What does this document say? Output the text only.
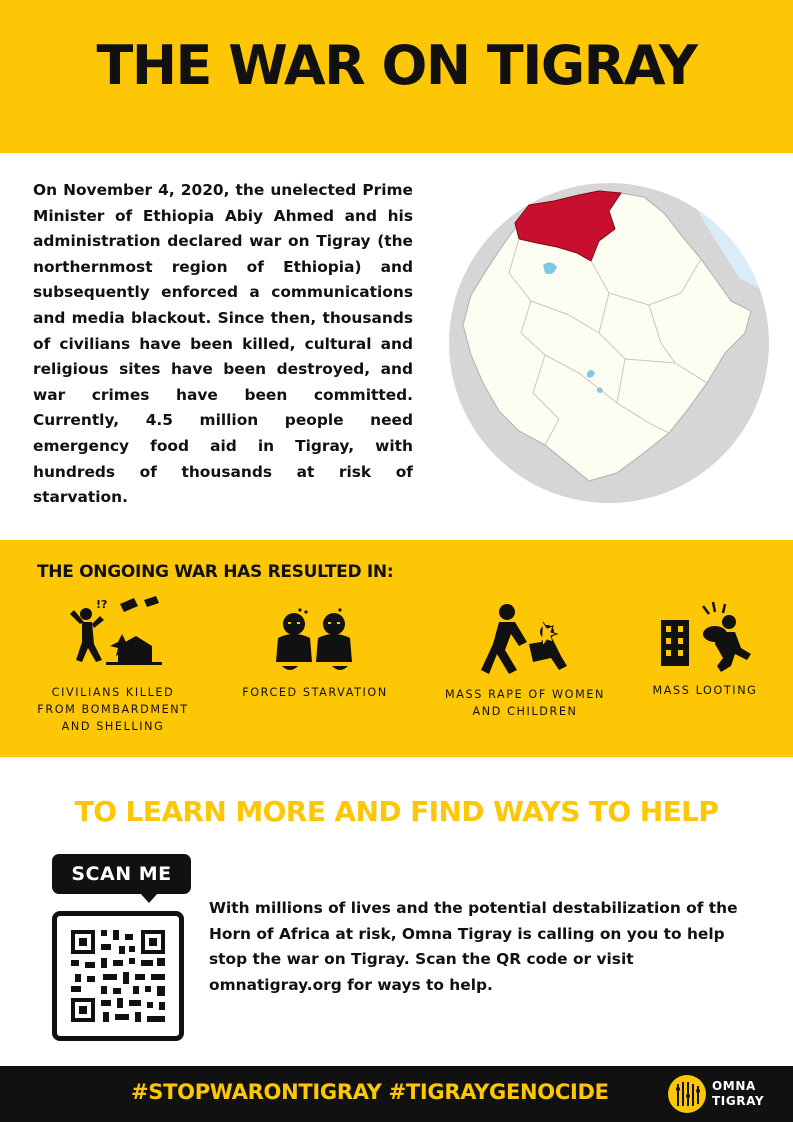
THE WAR ON TIGRAY

On November 4, 2020, the unelected Prime Minister of Ethiopia Abiy Ahmed and his administration declared war on Tigray (the northernmost region of Ethiopia) and subsequently enforced a communications and media blackout. Since then, thousands of civilians have been killed, cultural and religious sites have been destroyed, and war crimes have been committed. Currently, 4.5 million people need emergency food aid in Tigray, with hundreds of thousands at risk of starvation.

THE ONGOING WAR HAS RESULTED IN:
!?
CIVILIANS KILLED
FROM BOMBARDMENT
AND SHELLING
FORCED STARVATION	MASS RAPE OF WOMEN
AND CHILDREN
MASS LOOTING
TO LEARN MORE AND FIND WAYS TO HELP
SCAN ME

With millions of lives and the potential destabilization of the Horn of Africa at risk, Omna Tigray is calling on you to help stop the war on Tigray. Scan the QR code or visit omnatigray.org for ways to help.

#STOPWARONTIGRAY #TIGRAYGENOCIDE	OMNA
TIGRAY
